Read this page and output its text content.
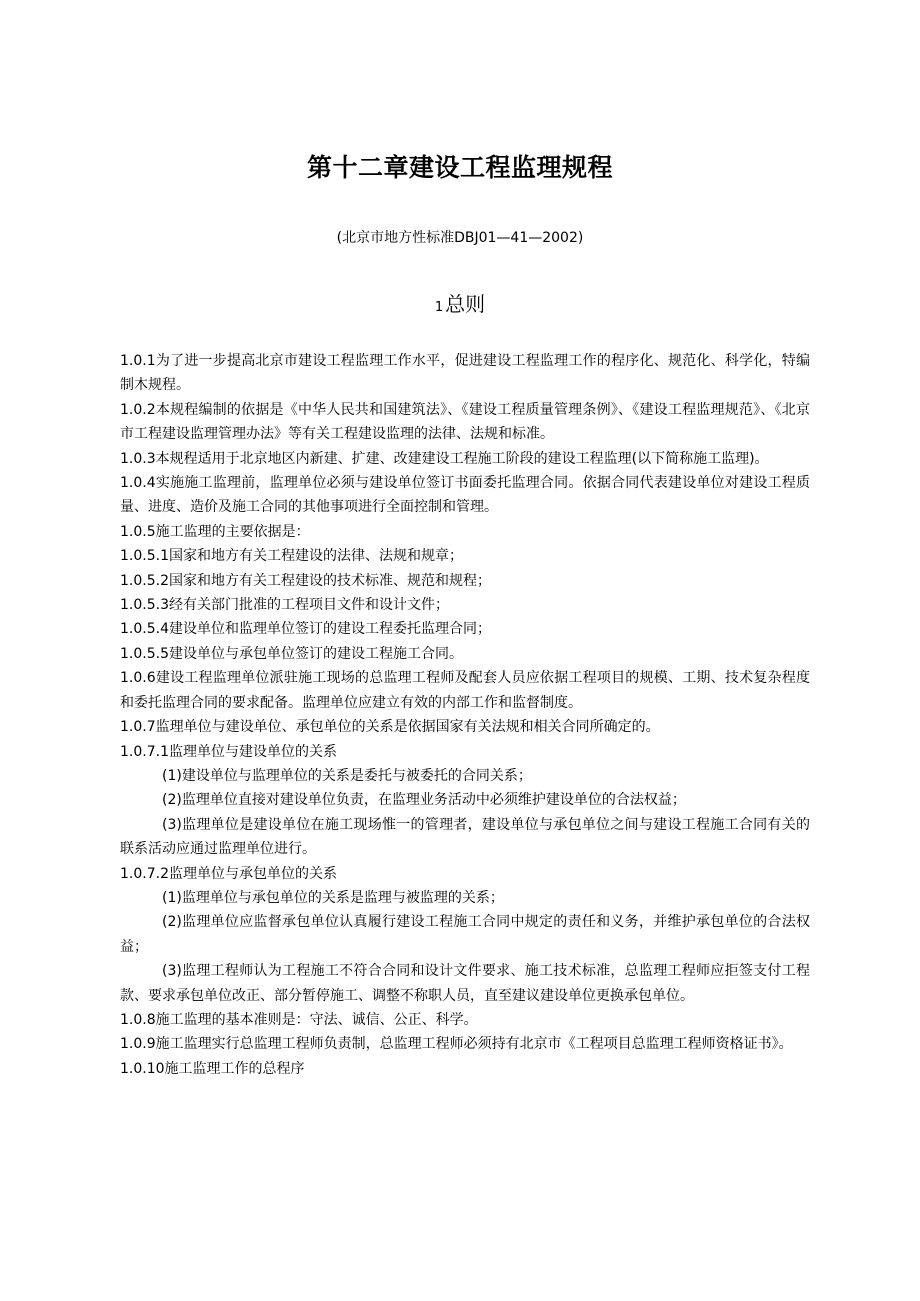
第十二章建设工程监理规程
(北京市地方性标准DBJ01—41—2002)
1 总则

1.0.1为了进一步提高北京市建设工程监理工作水平，促进建设工程监理工作的程序化、规范化、科学化，特编制木规程。

1.0.2本规程编制的依据是《中华人民共和国建筑法》、《建设工程质量管理条例》、《建设工程监理规范》、《北京市工程建设监理管理办法》等有关工程建设监理的法律、法规和标准。

1.0.3本规程适用于北京地区内新建、扩建、改建建设工程施工阶段的建设工程监理(以下简称施工监理)。

1.0.4实施施工监理前，监理单位必须与建设单位签订书面委托监理合同。依据合同代表建设单位对建设工程质量、进度、造价及施工合同的其他事项进行全面控制和管理。

1.0.5施工监理的主要依据是：

1.0.5.1国家和地方有关工程建设的法律、法规和规章；

1.0.5.2国家和地方有关工程建设的技术标准、规范和规程；

1.0.5.3经有关部门批准的工程项目文件和设计文件；

1.0.5.4建设单位和监理单位签订的建设工程委托监理合同；

1.0.5.5建设单位与承包单位签订的建设工程施工合同。

1.0.6建设工程监理单位派驻施工现场的总监理工程师及配套人员应依据工程项目的规模、工期、技术复杂程度和委托监理合同的要求配备。监理单位应建立有效的内部工作和监督制度。

1.0.7监理单位与建设单位、承包单位的关系是依据国家有关法规和相关合同所确定的。

1.0.7.1监理单位与建设单位的关系

(1)建设单位与监理单位的关系是委托与被委托的合同关系；

(2)监理单位直接对建设单位负责，在监理业务活动中必须维护建设单位的合法权益；

(3)监理单位是建设单位在施工现场惟一的管理者，建设单位与承包单位之间与建设工程施工合同有关的联系活动应通过监理单位进行。

1.0.7.2监理单位与承包单位的关系

(1)监理单位与承包单位的关系是监理与被监理的关系；

(2)监理单位应监督承包单位认真履行建设工程施工合同中规定的责任和义务，并维护承包单位的合法权益；

(3)监理工程师认为工程施工不符合合同和设计文件要求、施工技术标准，总监理工程师应拒签支付工程款、要求承包单位改正、部分暂停施工、调整不称职人员，直至建议建设单位更换承包单位。

1.0.8施工监理的基本准则是：守法、诚信、公正、科学。

1.0.9施工监理实行总监理工程师负责制，总监理工程师必须持有北京市《工程项目总监理工程师资格证书》。

1.0.10施工监理工作的总程序
